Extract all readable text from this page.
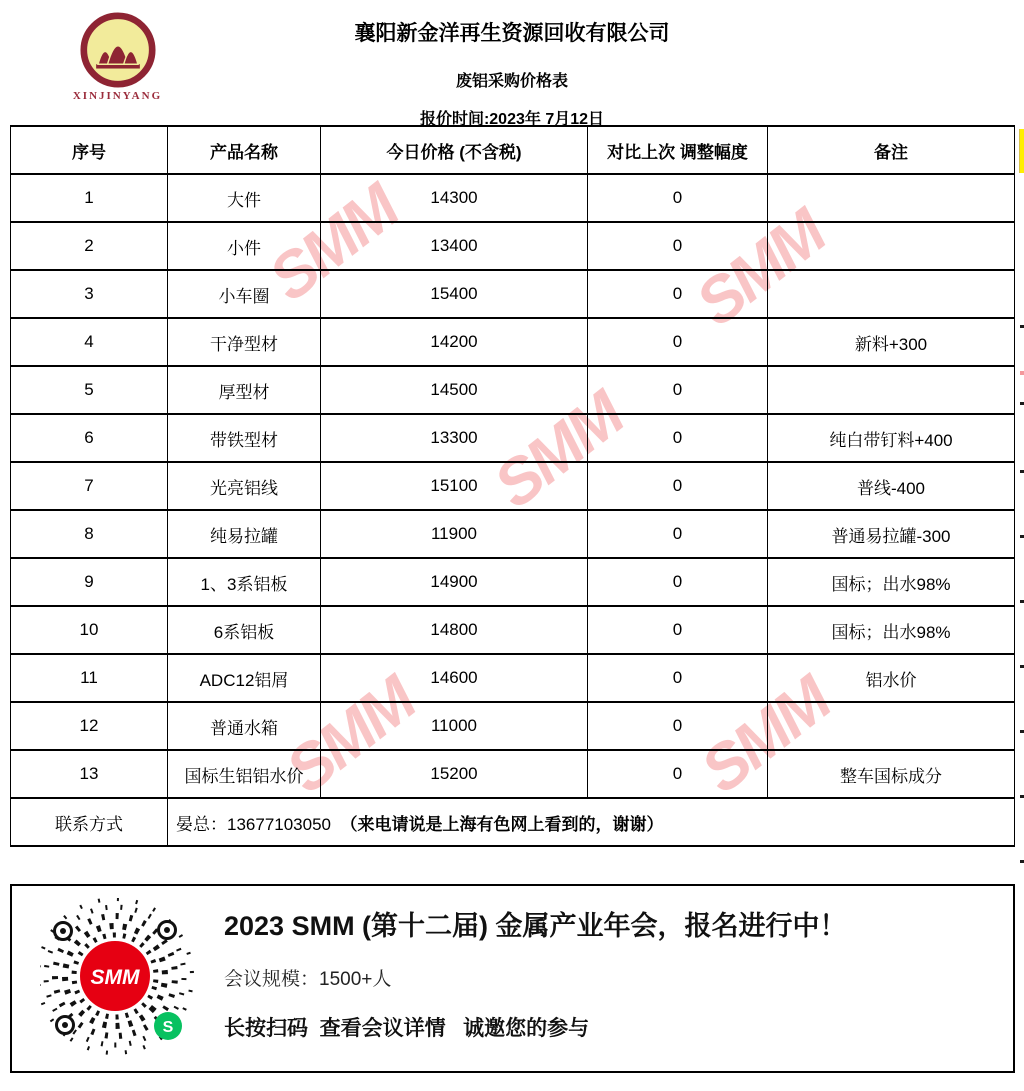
SMM	SMM
SMM
SMM	SMM
XINJINYANG
襄阳新金洋再生资源回收有限公司
废铝采购价格表
报价时间:2023年 7月12日
序号	产品名称	今日价格 (不含税)	对比上次 调整幅度	备注
1	大件	14300	0	
2	小件	13400	0	
3	小车圈	15400	0	
4	干净型材	14200	0	新料+300
5	厚型材	14500	0	
6	带铁型材	13300	0	纯白带钉料+400
7	光亮铝线	15100	0	普线-400
8	纯易拉罐	11900	0	普通易拉罐-300
9	1、3系铝板	14900	0	国标；出水98%
10	6系铝板	14800	0	国标；出水98%
11	ADC12铝屑	14600	0	铝水价
12	普通水箱	11000	0	
13	国标生铝铝水价	15200	0	整车国标成分
联系方式	晏总：13677103050  （来电请说是上海有色网上看到的，谢谢）			
SMM
S
2023 SMM (第十二届) 金属产业年会，报名进行中！
会议规模：1500+人
长按扫码  查看会议详情   诚邀您的参与
